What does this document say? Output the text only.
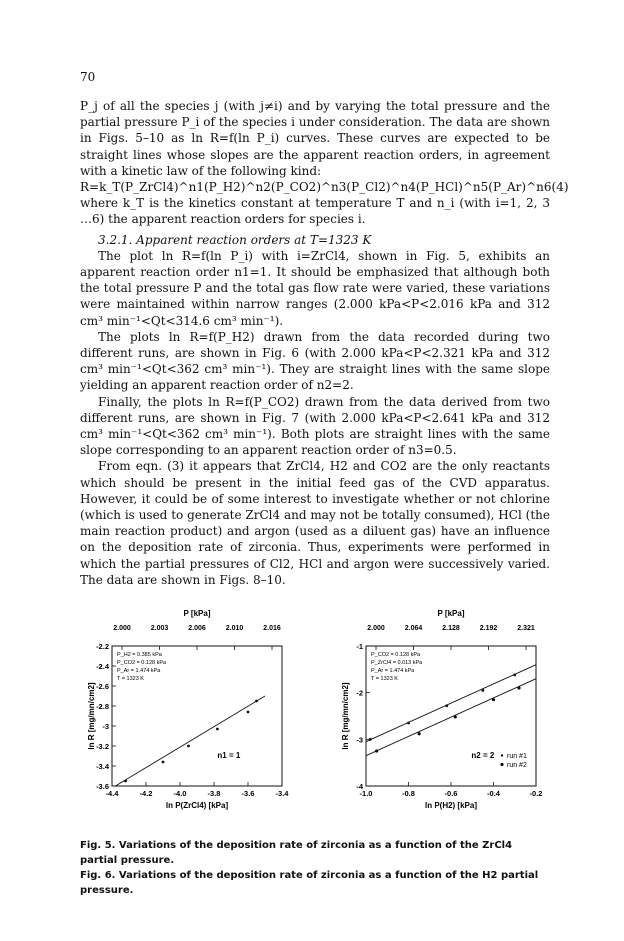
70

P_j of all the species j (with j≠i) and by varying the total pressure and the partial pressure P_i of the species i under consideration. The data are shown in Figs. 5–10 as ln R=f(ln P_i) curves. These curves are expected to be straight lines whose slopes are the apparent reaction orders, in agreement with a kinetic law of the following kind:

R=k_T(P_ZrCl4)^n1(P_H2)^n2(P_CO2)^n3(P_Cl2)^n4(P_HCl)^n5(P_Ar)^n6 (4)

where k_T is the kinetics constant at temperature T and n_i (with i=1, 2, 3 …6) the apparent reaction orders for species i.

3.2.1. Apparent reaction orders at T=1323 K

The plot ln R=f(ln P_i) with i=ZrCl4, shown in Fig. 5, exhibits an apparent reaction order n1=1. It should be emphasized that although both the total pressure P and the total gas flow rate were varied, these variations were maintained within narrow ranges (2.000 kPa<P<2.016 kPa and 312 cm³ min⁻¹<Qt<314.6 cm³ min⁻¹).

The plots ln R=f(P_H2) drawn from the data recorded during two different runs, are shown in Fig. 6 (with 2.000 kPa<P<2.321 kPa and 312 cm³ min⁻¹<Qt<362 cm³ min⁻¹). They are straight lines with the same slope yielding an apparent reaction order of n2=2.

Finally, the plots ln R=f(P_CO2) drawn from the data derived from two different runs, are shown in Fig. 7 (with 2.000 kPa<P<2.641 kPa and 312 cm³ min⁻¹<Qt<362 cm³ min⁻¹). Both plots are straight lines with the same slope corresponding to an apparent reaction order of n3=0.5.

From eqn. (3) it appears that ZrCl4, H2 and CO2 are the only reactants which should be present in the initial feed gas of the CVD apparatus. However, it could be of some interest to investigate whether or not chlorine (which is used to generate ZrCl4 and may not be totally consumed), HCl (the main reaction product) and argon (used as a diluent gas) have an influence on the deposition rate of zirconia. Thus, experiments were performed in which the partial pressures of Cl2, HCl and argon were successively varied. The data are shown in Figs. 8–10.

P [kPa]
2.000	2.003	2.006	2.010	2.016
-2.2
-2.4
-2.6
-2.8
-3
-3.2
-3.4
-3.6
-4.4	-4.2	-4.0	-3.8	-3.6	-3.4
ln P(ZrCl4) [kPa]
ln R [mg/mn/cm2]
P_H2 = 0.385 kPa
P_CO2 = 0.128 kPa
P_Ar = 1.474 kPa
T = 1323 K
n1 = 1
P [kPa]
2.000	2.064	2.128	2.192	2.321
-1
-2
-3
-4
-1.0	-0.8	-0.6	-0.4	-0.2
ln P(H2) [kPa]
ln R [mg/mn/cm2]
P_CO2 = 0.128 kPa
P_ZrCl4 = 0.013 kPa
P_Ar = 1.474 kPa
T = 1323 K
n2 = 2 run #1
run #2

Fig. 5. Variations of the deposition rate of zirconia as a function of the ZrCl4 partial pressure.

Fig. 6. Variations of the deposition rate of zirconia as a function of the H2 partial pressure.
